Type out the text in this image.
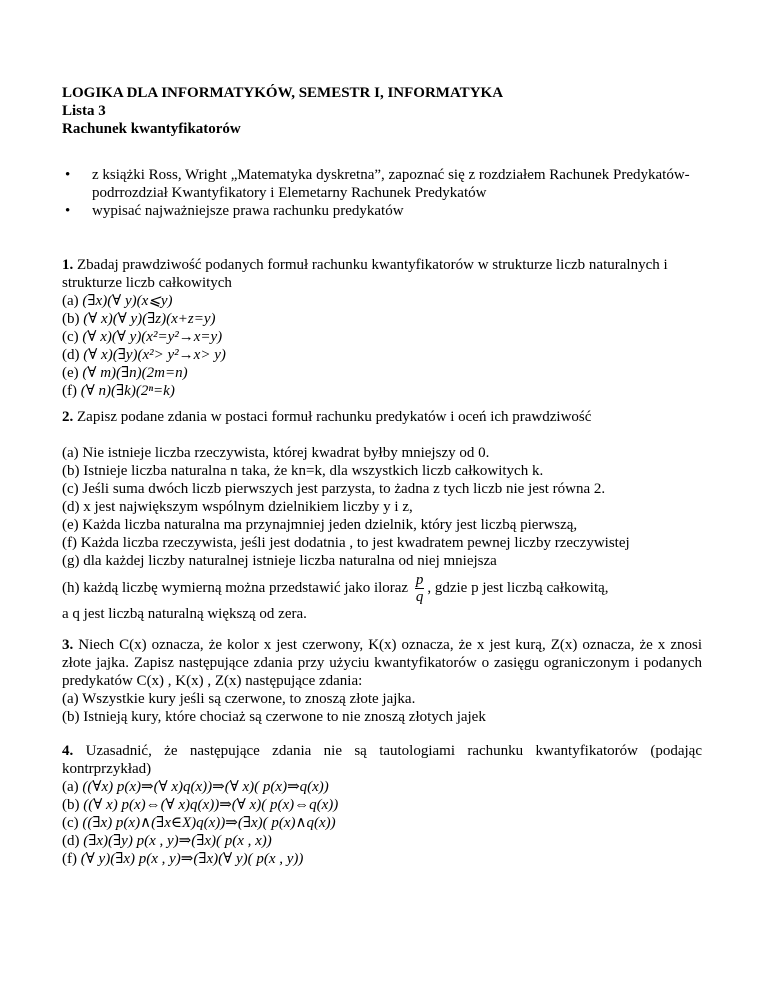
LOGIKA DLA INFORMATYKÓW, SEMESTR I, INFORMATYKA
Lista 3
Rachunek kwantyfikatorów
• z książki Ross, Wright „Matematyka dyskretna”, zapoznać się z rozdziałem Rachunek Predykatów- podrrozdział Kwantyfikatory i Elemetarny Rachunek Predykatów
• wypisać najważniejsze prawa rachunku predykatów

1. Zbadaj prawdziwość podanych formuł rachunku kwantyfikatorów w strukturze liczb naturalnych i strukturze liczb całkowitych

(a) (∃x)(∀ y)(x⩽y)
(b) (∀ x)(∀ y)(∃z)(x+z=y)
(c) (∀ x)(∀ y)(x²=y²→x=y)
(d) (∀ x)(∃y)(x²> y²→x> y)
(e) (∀ m)(∃n)(2m=n)
(f) (∀ n)(∃k)(2ⁿ=k)

2. Zapisz podane zdania w postaci formuł rachunku predykatów i oceń ich prawdziwość

(a) Nie istnieje liczba rzeczywista, której kwadrat byłby mniejszy od 0.
(b) Istnieje liczba naturalna n taka, że kn=k, dla wszystkich liczb całkowitych k.
(c) Jeśli suma dwóch liczb pierwszych jest parzysta, to żadna z tych liczb nie jest równa 2.
(d) x jest największym wspólnym dzielnikiem liczby y i z,
(e) Każda liczba naturalna ma przynajmniej jeden dzielnik, który jest liczbą pierwszą,
(f) Każda liczba rzeczywista, jeśli jest dodatnia , to jest kwadratem pewnej liczby rzeczywistej
(g) dla każdej liczby naturalnej istnieje liczba naturalna od niej mniejsza
(h) każdą liczbę wymierną można przedstawić jako iloraz $\frac{p}{q}$ , gdzie p jest liczbą całkowitą,
a q jest liczbą naturalną większą od zera.

3. Niech C(x) oznacza, że kolor x jest czerwony, K(x) oznacza, że x jest kurą, Z(x) oznacza, że x znosi złote jajka. Zapisz następujące zdania przy użyciu kwantyfikatorów o zasięgu ograniczonym i podanych predykatów C(x) , K(x) , Z(x) następujące zdania:

(a) Wszystkie kury jeśli są czerwone, to znoszą złote jajka.
(b) Istnieją kury, które chociaż są czerwone to nie znoszą złotych jajek

4. Uzasadnić, że następujące zdania nie są tautologiami rachunku kwantyfikatorów (podając kontrprzykład)

(a) ((∀x) p(x)⇒(∀ x)q(x))⇒(∀ x)( p(x)⇒q(x))
(b) ((∀ x) p(x)⇔(∀ x)q(x))⇒(∀ x)( p(x)⇔q(x))
(c) ((∃x) p(x)∧(∃x∈X)q(x))⇒(∃x)( p(x)∧q(x))
(d) (∃x)(∃y) p(x , y)⇒(∃x)( p(x , x))
(f) (∀ y)(∃x) p(x , y)⇒(∃x)(∀ y)( p(x , y))
